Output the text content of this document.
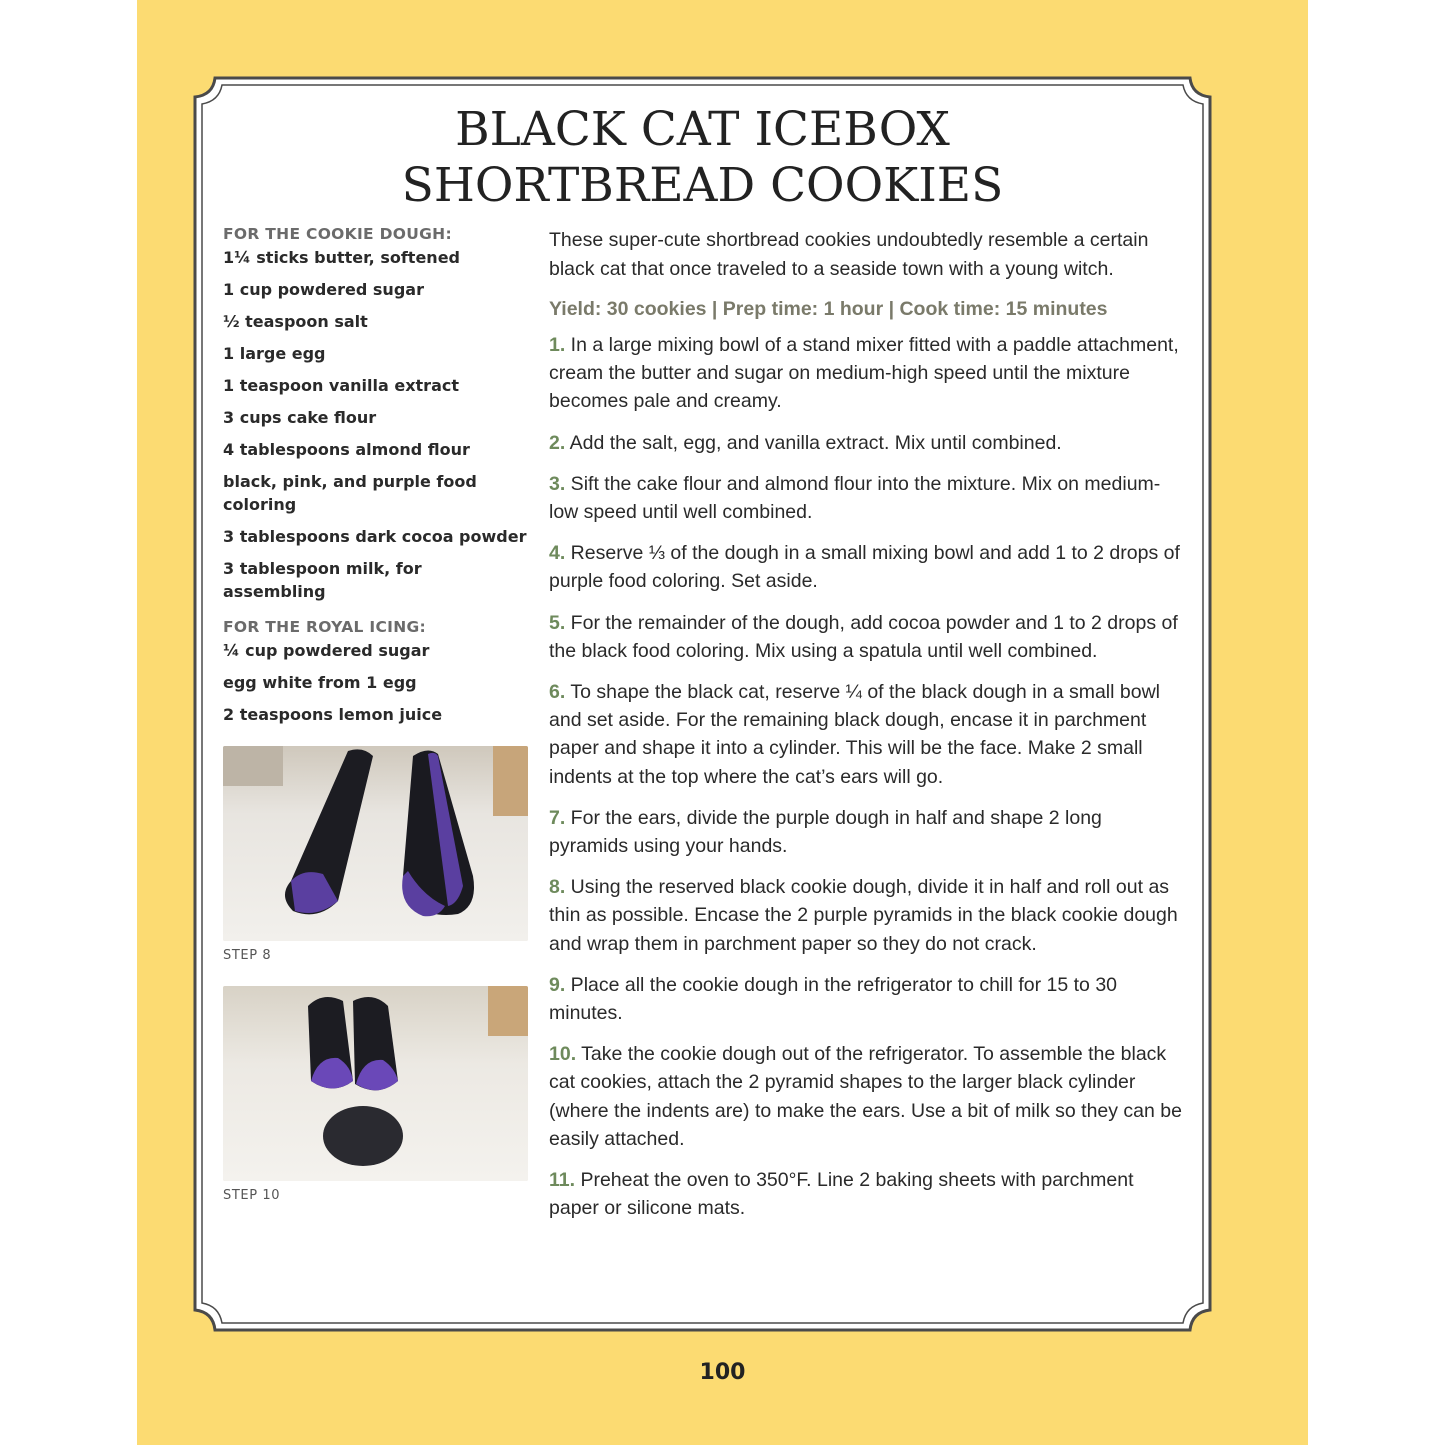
BLACK CAT ICEBOX
SHORTBREAD COOKIES
FOR THE COOKIE DOUGH:
1¼ sticks butter, softened
1 cup powdered sugar
½ teaspoon salt
1 large egg
1 teaspoon vanilla extract
3 cups cake flour
4 tablespoons almond flour
black, pink, and purple food coloring
3 tablespoons dark cocoa powder
3 tablespoon milk, for assembling
FOR THE ROYAL ICING:
¼ cup powdered sugar
egg white from 1 egg
2 teaspoons lemon juice
STEP 8
STEP 10

These super-cute shortbread cookies undoubtedly resemble a certain black cat that once traveled to a seaside town with a young witch.

Yield: 30 cookies | Prep time: 1 hour | Cook time: 15 minutes

1. In a large mixing bowl of a stand mixer fitted with a paddle attachment, cream the butter and sugar on medium-high speed until the mixture becomes pale and creamy.
2. Add the salt, egg, and vanilla extract. Mix until combined.
3. Sift the cake flour and almond flour into the mixture. Mix on medium-low speed until well combined.
4. Reserve ⅓ of the dough in a small mixing bowl and add 1 to 2 drops of purple food coloring. Set aside.
5. For the remainder of the dough, add cocoa powder and 1 to 2 drops of the black food coloring. Mix using a spatula until well combined.
6. To shape the black cat, reserve ¼ of the black dough in a small bowl and set aside. For the remaining black dough, encase it in parchment paper and shape it into a cylinder. This will be the face. Make 2 small indents at the top where the cat’s ears will go.
7. For the ears, divide the purple dough in half and shape 2 long pyramids using your hands.
8. Using the reserved black cookie dough, divide it in half and roll out as thin as possible. Encase the 2 purple pyramids in the black cookie dough and wrap them in parchment paper so they do not crack.
9. Place all the cookie dough in the refrigerator to chill for 15 to 30 minutes.
10. Take the cookie dough out of the refrigerator. To assemble the black cat cookies, attach the 2 pyramid shapes to the larger black cylinder (where the indents are) to make the ears. Use a bit of milk so they can be easily attached.
11. Preheat the oven to 350°F. Line 2 baking sheets with parchment paper or silicone mats.
100
